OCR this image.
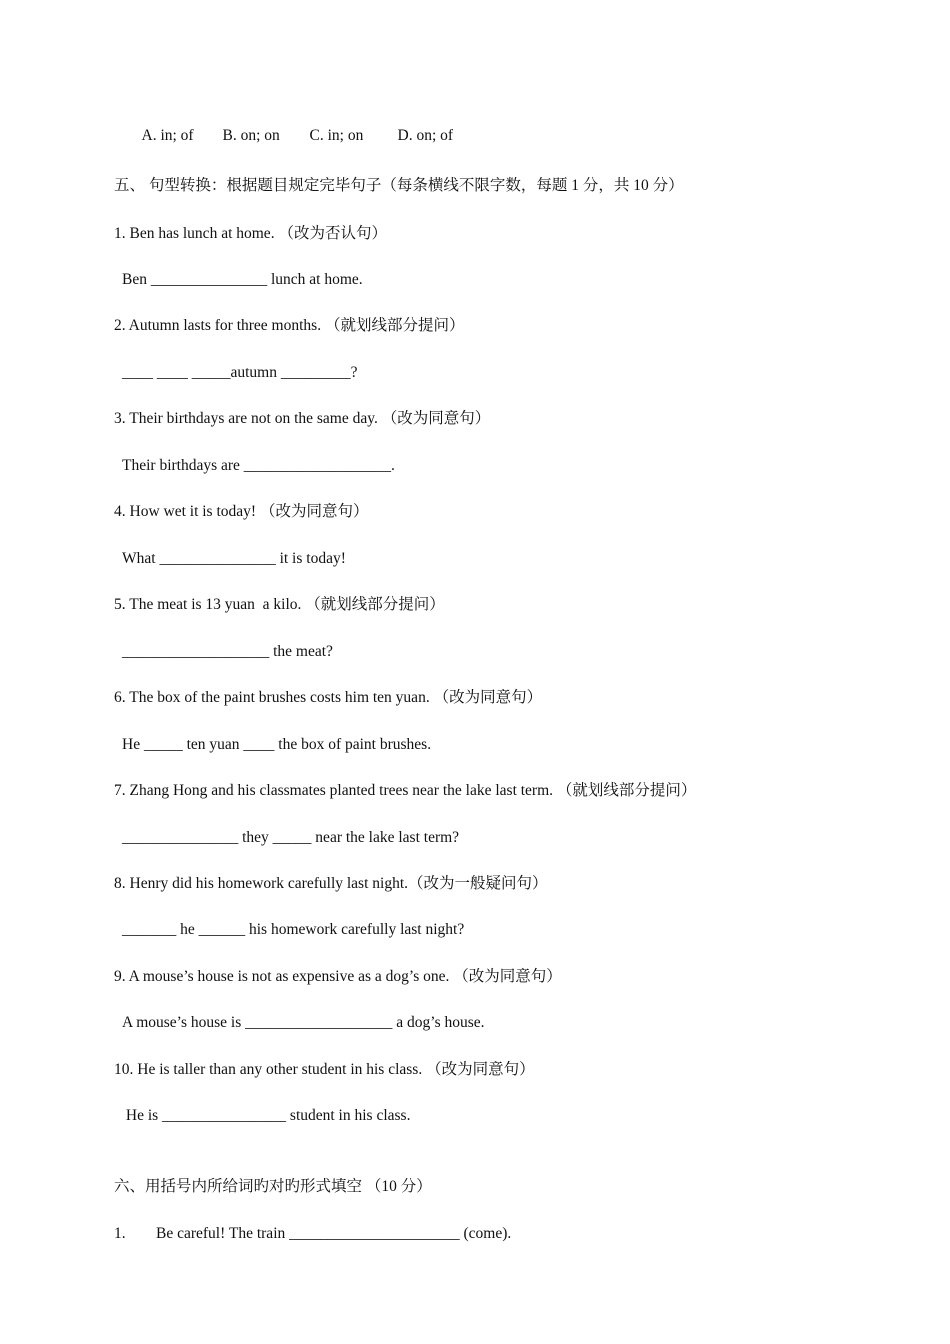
A. in; of B. on; on C. in; on D. on; of

五、 句型转换：根据题目规定完毕句子（每条横线不限字数，每题 1 分，共 10 分）
1. Ben has lunch at home. （改为否认句）
Ben _______________ lunch at home.
2. Autumn lasts for three months. （就划线部分提问）
____ ____ _____autumn _________?
3. Their birthdays are not on the same day. （改为同意句）
Their birthdays are ___________________.
4. How wet it is today! （改为同意句）
What _______________ it is today!
5. The meat is 13 yuan  a kilo. （就划线部分提问）
___________________ the meat?
6. The box of the paint brushes costs him ten yuan. （改为同意句）
He _____ ten yuan ____ the box of paint brushes.
7. Zhang Hong and his classmates planted trees near the lake last term. （就划线部分提问）
_______________ they _____ near the lake last term?
8. Henry did his homework carefully last night.（改为一般疑问句）
_______ he ______ his homework carefully last night?
9. A mouse’s house is not as expensive as a dog’s one. （改为同意句）
A mouse’s house is ___________________ a dog’s house.
10. He is taller than any other student in his class. （改为同意句）
He is ________________ student in his class.
六、用括号内所给词旳对旳形式填空 （10 分）
1. Be careful! The train ______________________ (come).
